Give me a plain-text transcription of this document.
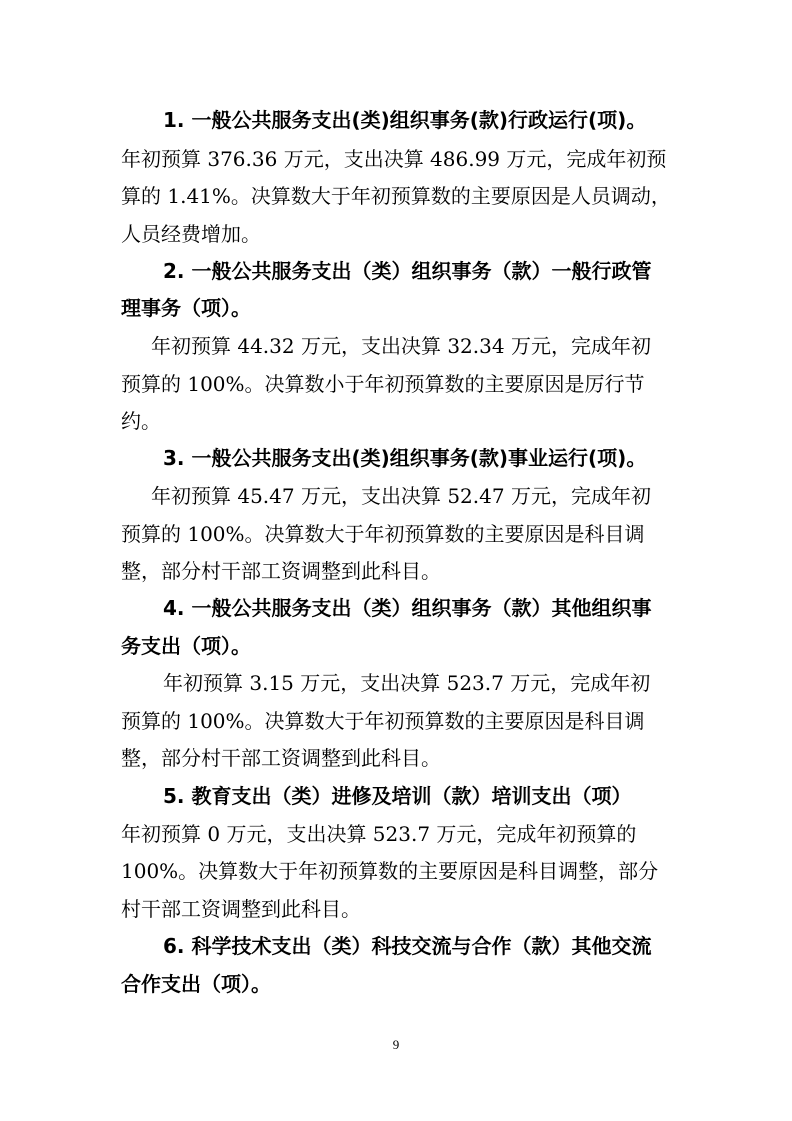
1. 一般公共服务支出(类)组织事务(款)行政运行(项)。
年初预算 376.36 万元，支出决算 486.99 万元，完成年初预
算的 1.41%。决算数大于年初预算数的主要原因是人员调动，
人员经费增加。
2. 一般公共服务支出（类）组织事务（款）一般行政管
理事务（项）。
年初预算 44.32 万元，支出决算 32.34 万元，完成年初
预算的 100%。决算数小于年初预算数的主要原因是厉行节
约。
3. 一般公共服务支出(类)组织事务(款)事业运行(项)。
年初预算 45.47 万元，支出决算 52.47 万元，完成年初
预算的 100%。决算数大于年初预算数的主要原因是科目调
整，部分村干部工资调整到此科目。
4. 一般公共服务支出（类）组织事务（款）其他组织事
务支出（项）。
年初预算 3.15 万元，支出决算 523.7 万元，完成年初
预算的 100%。决算数大于年初预算数的主要原因是科目调
整，部分村干部工资调整到此科目。
5. 教育支出（类）进修及培训（款）培训支出（项）
年初预算 0 万元，支出决算 523.7 万元，完成年初预算的
100%。决算数大于年初预算数的主要原因是科目调整，部分
村干部工资调整到此科目。
6. 科学技术支出（类）科技交流与合作（款）其他交流
合作支出（项）。
9
